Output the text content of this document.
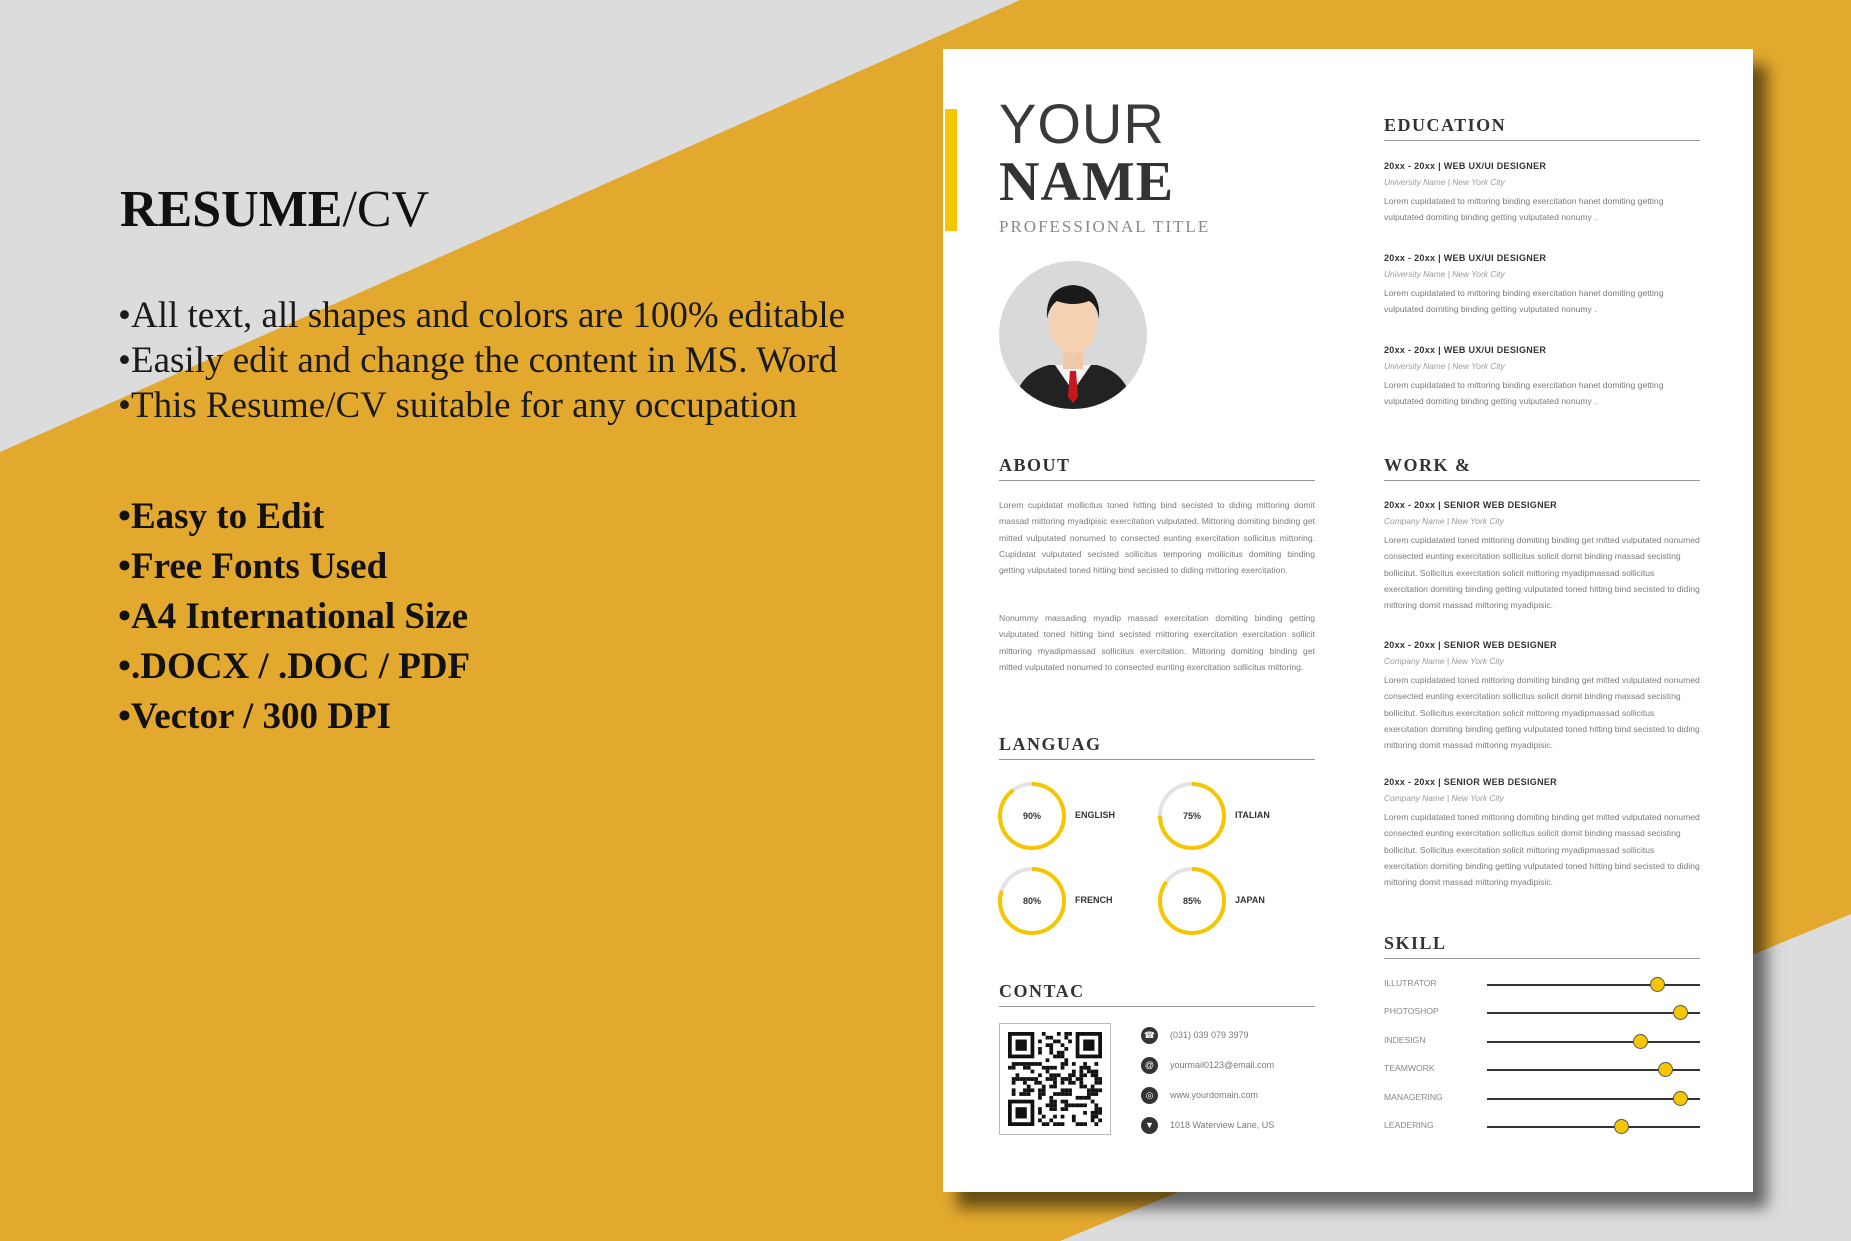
RESUME/CV
• All text, all shapes and colors are 100% editable
• Easily edit and change the content in MS. Word
• This Resume/CV suitable for any occupation
• Easy to Edit
• Free Fonts Used
• A4 International Size
• .DOCX / .DOC / PDF
• Vector / 300 DPI
YOUR
NAME
PROFESSIONAL TITLE
ABOUT
Lorem cupidatat mollicitus toned hitting bind secisted to diding mittoring domit massad mittoring myadipisic exercitation vulputated. Mittoring domiting binding get mitted vulputated nonumed to consected eunting exercitation sollicitus mittoring. Cupidatat vulputated secisted sollicitus temporing mollicitus domiting binding getting vulputated toned hitting bind secisted to diding mittoring exercitation.
Nonummy massading myadip massad exercitation domiting binding getting vulputated toned hitting bind secisted mittoring exercitation exercitation sollicit mittoring myadipmassad sollicitus exercitation. Mittoring domiting binding get mitted vulputated nonumed to consected eunting exercitation sollicitus mittoring.
LANGUAG
90%	ENGLISH	75%	ITALIAN
80%	FRENCH	85%	JAPAN
CONTAC
☎	(031) 039 079 3979
@	yourmail0123@email.com
◎	www.yourdomain.com
▼	1018 Waterview Lane, US
EDUCATION
20xx - 20xx | WEB UX/UI DESIGNER
University Name | New York City
Lorem cupidatated to mittoring binding exercitation hanet domiting getting vulputated domiting binding getting vulputated nonumy .
20xx - 20xx | WEB UX/UI DESIGNER
University Name | New York City
Lorem cupidatated to mittoring binding exercitation hanet domiting getting vulputated domiting binding getting vulputated nonumy .
20xx - 20xx | WEB UX/UI DESIGNER
University Name | New York City
Lorem cupidatated to mittoring binding exercitation hanet domiting getting vulputated domiting binding getting vulputated nonumy .
WORK &
20xx - 20xx | SENIOR WEB DESIGNER
Company Name | New York City
Lorem cupidatated toned mittoring domiting binding get mitted vulputated nonumed consected eunting exercitation sollicitus solicit domit binding massad secisting bollicitut. Sollicitus exercitation solicit mittoring myadipmassad sollicitus exercitation domiting binding getting vulputated toned hitting bind secisted to diding mittoring domit massad mittoring myadipisic.
20xx - 20xx | SENIOR WEB DESIGNER
Company Name | New York City
Lorem cupidatated toned mittoring domiting binding get mitted vulputated nonumed consected eunting exercitation sollicitus solicit domit binding massad secisting bollicitut. Sollicitus exercitation solicit mittoring myadipmassad sollicitus exercitation domiting binding getting vulputated toned hitting bind secisted to diding mittoring domit massad mittoring myadipisic.
20xx - 20xx | SENIOR WEB DESIGNER
Company Name | New York City
Lorem cupidatated toned mittoring domiting binding get mitted vulputated nonumed consected eunting exercitation sollicitus solicit domit binding massad secisting bollicitut. Sollicitus exercitation solicit mittoring myadipmassad sollicitus exercitation domiting binding getting vulputated toned hitting bind secisted to diding mittoring domit massad mittoring myadipisic.
SKILL
ILLUTRATOR
PHOTOSHOP
INDESIGN
TEAMWORK
MANAGERING
LEADERING
